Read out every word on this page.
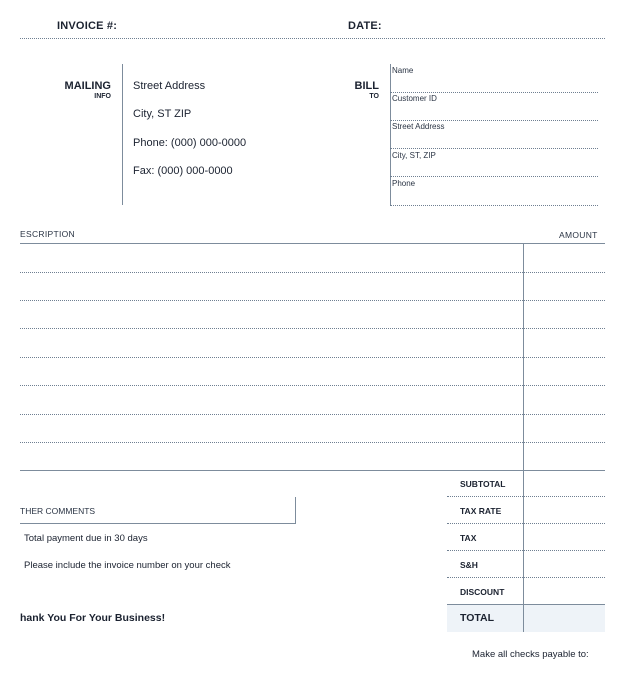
INVOICE #:	DATE:
MAILING
INFO
Street Address
City, ST ZIP
Phone: (000) 000-0000
Fax: (000) 000-0000
BILL
TO
Name
Customer ID
Street Address
City, ST, ZIP
Phone
ESCRIPTION	AMOUNT
THER COMMENTS
Total payment due in 30 days
Please include the invoice number on your check
SUBTOTAL
TAX RATE
TAX
S&H
DISCOUNT
TOTAL
hank You For Your Business!
Make all checks payable to:
